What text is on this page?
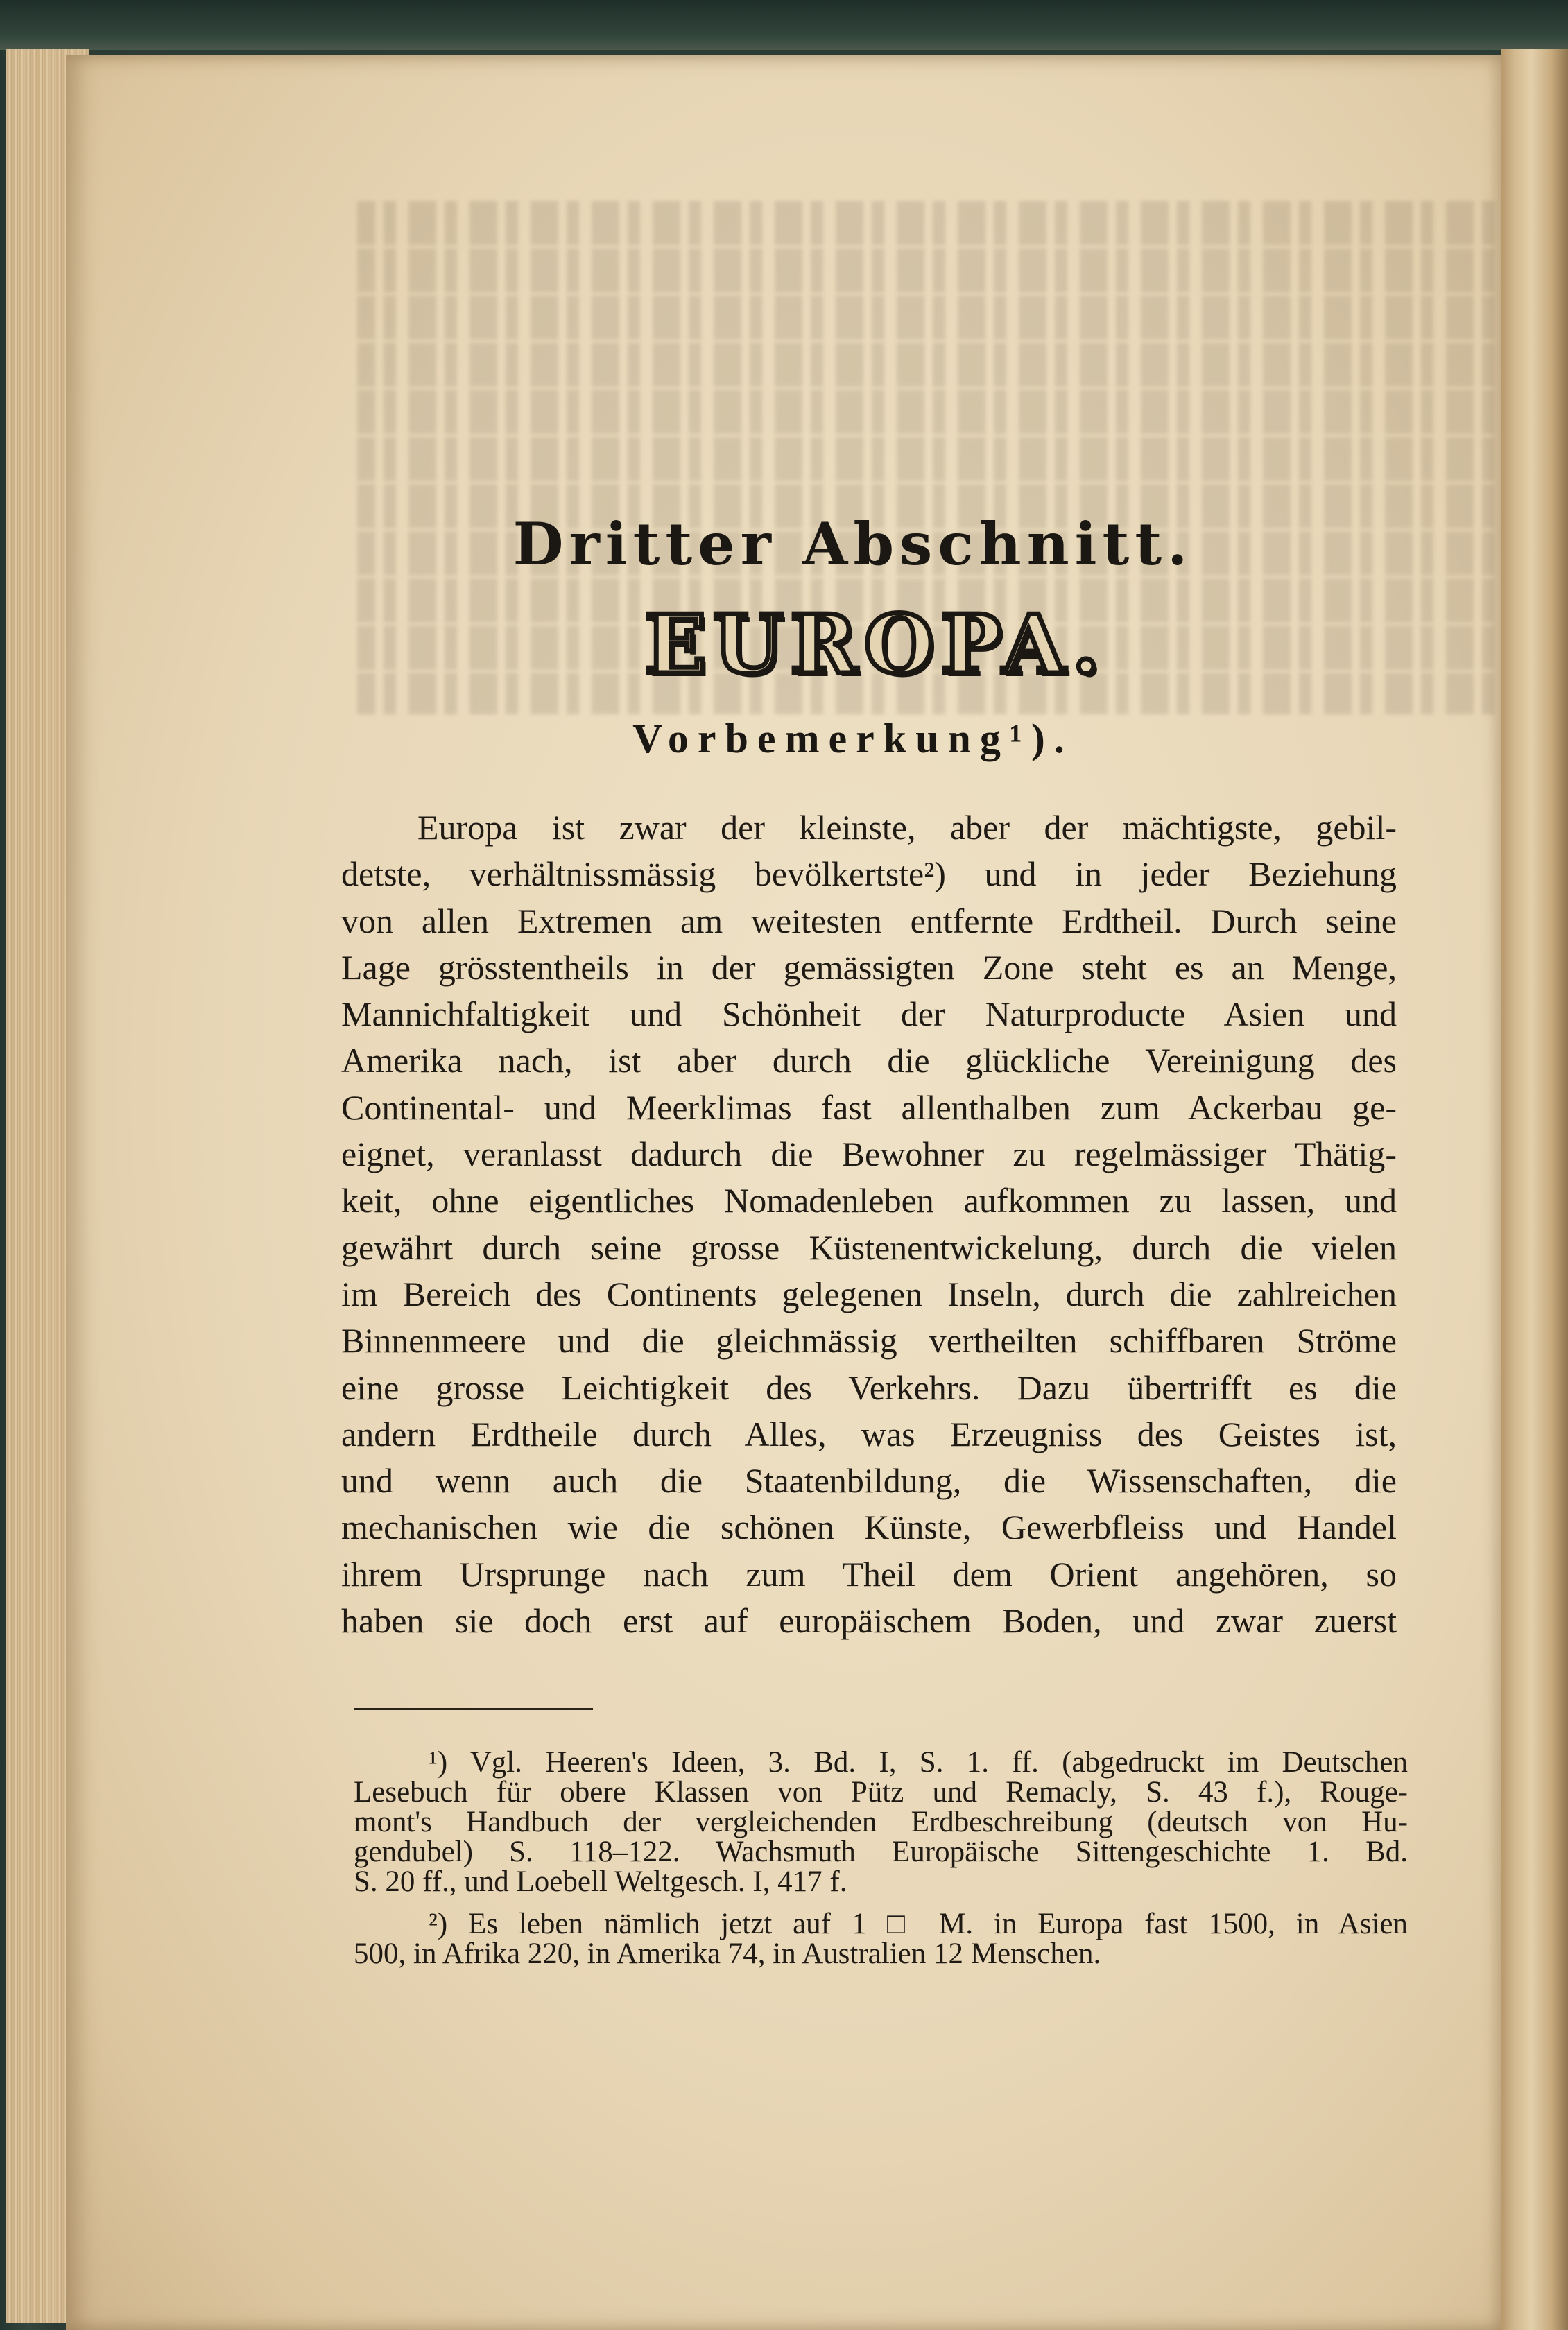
Dritter Abschnitt.
EUROPA.
Vorbemerkung¹).
Europa ist zwar der kleinste, aber der mächtigste, gebil-
detste, verhältnissmässig bevölkertste²) und in jeder Beziehung
von allen Extremen am weitesten entfernte Erdtheil. Durch seine
Lage grösstentheils in der gemässigten Zone steht es an Menge,
Mannichfaltigkeit und Schönheit der Naturproducte Asien und
Amerika nach, ist aber durch die glückliche Vereinigung des
Continental- und Meerklimas fast allenthalben zum Ackerbau ge-
eignet, veranlasst dadurch die Bewohner zu regelmässiger Thätig-
keit, ohne eigentliches Nomadenleben aufkommen zu lassen, und
gewährt durch seine grosse Küstenentwickelung, durch die vielen
im Bereich des Continents gelegenen Inseln, durch die zahlreichen
Binnenmeere und die gleichmässig vertheilten schiffbaren Ströme
eine grosse Leichtigkeit des Verkehrs. Dazu übertrifft es die
andern Erdtheile durch Alles, was Erzeugniss des Geistes ist,
und wenn auch die Staatenbildung, die Wissenschaften, die
mechanischen wie die schönen Künste, Gewerbfleiss und Handel
ihrem Ursprunge nach zum Theil dem Orient angehören, so
haben sie doch erst auf europäischem Boden, und zwar zuerst
¹) Vgl. Heeren's Ideen, 3. Bd. I, S. 1. ff. (abgedruckt im Deutschen
Lesebuch für obere Klassen von Pütz und Remacly, S. 43 f.), Rouge-
mont's Handbuch der vergleichenden Erdbeschreibung (deutsch von Hu-
gendubel) S. 118–122. Wachsmuth Europäische Sittengeschichte 1. Bd.
S. 20 ff., und Loebell Weltgesch. I, 417 f.
²) Es leben nämlich jetzt auf 1 □ M. in Europa fast 1500, in Asien
500, in Afrika 220, in Amerika 74, in Australien 12 Menschen.
